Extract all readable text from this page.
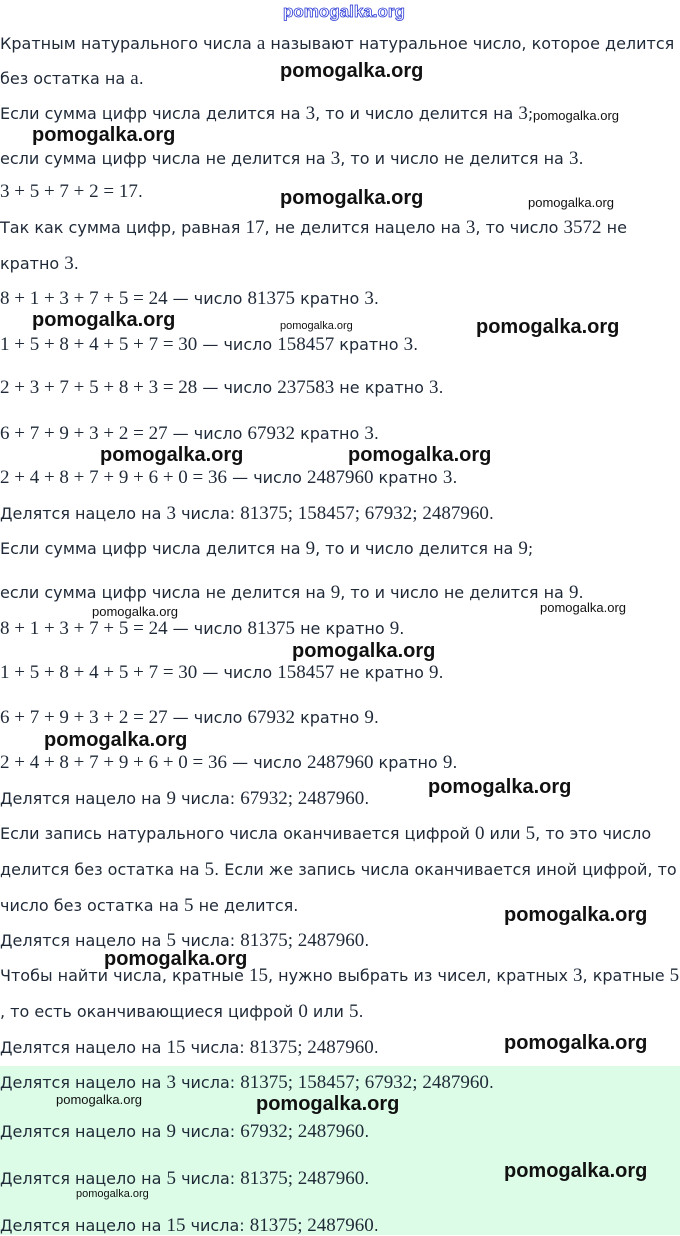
Кратным натурального числа a называют натуральное число, которое делится
без остатка на a.
Если сумма цифр числа делится на 3, то и число делится на 3;
если сумма цифр числа не делится на 3, то и число не делится на 3.
3 + 5 + 7 + 2 = 17.
Так как сумма цифр, равная 17, не делится нацело на 3, то число 3572 не
кратно 3.
8 + 1 + 3 + 7 + 5 = 24 — число 81375 кратно 3.
1 + 5 + 8 + 4 + 5 + 7 = 30 — число 158457 кратно 3.
2 + 3 + 7 + 5 + 8 + 3 = 28 — число 237583 не кратно 3.
6 + 7 + 9 + 3 + 2 = 27 — число 67932 кратно 3.
2 + 4 + 8 + 7 + 9 + 6 + 0 = 36 — число 2487960 кратно 3.
Делятся нацело на 3 числа: 81375; 158457; 67932; 2487960.
Если сумма цифр числа делится на 9, то и число делится на 9;
если сумма цифр числа не делится на 9, то и число не делится на 9.
8 + 1 + 3 + 7 + 5 = 24 — число 81375 не кратно 9.
1 + 5 + 8 + 4 + 5 + 7 = 30 — число 158457 не кратно 9.
6 + 7 + 9 + 3 + 2 = 27 — число 67932 кратно 9.
2 + 4 + 8 + 7 + 9 + 6 + 0 = 36 — число 2487960 кратно 9.
Делятся нацело на 9 числа: 67932; 2487960.
Если запись натурального числа оканчивается цифрой 0 или 5, то это число
делится без остатка на 5. Если же запись числа оканчивается иной цифрой, то
число без остатка на 5 не делится.
Делятся нацело на 5 числа: 81375; 2487960.
Чтобы найти числа, кратные 15, нужно выбрать из чисел, кратных 3, кратные 5
, то есть оканчивающиеся цифрой 0 или 5.
Делятся нацело на 15 числа: 81375; 2487960.
Делятся нацело на 3 числа: 81375; 158457; 67932; 2487960.
Делятся нацело на 9 числа: 67932; 2487960.
Делятся нацело на 5 числа: 81375; 2487960.
Делятся нацело на 15 числа: 81375; 2487960.
pomogalka.org
pomogalka.org
pomogalka.org
pomogalka.org	pomogalka.org
pomogalka.org	pomogalka.org	pomogalka.org
pomogalka.org	pomogalka.org
pomogalka.org	pomogalka.org
pomogalka.org
pomogalka.org
pomogalka.org
pomogalka.org
pomogalka.org
pomogalka.org
pomogalka.org	pomogalka.org
pomogalka.org
pomogalka.org
pomogalka.org
